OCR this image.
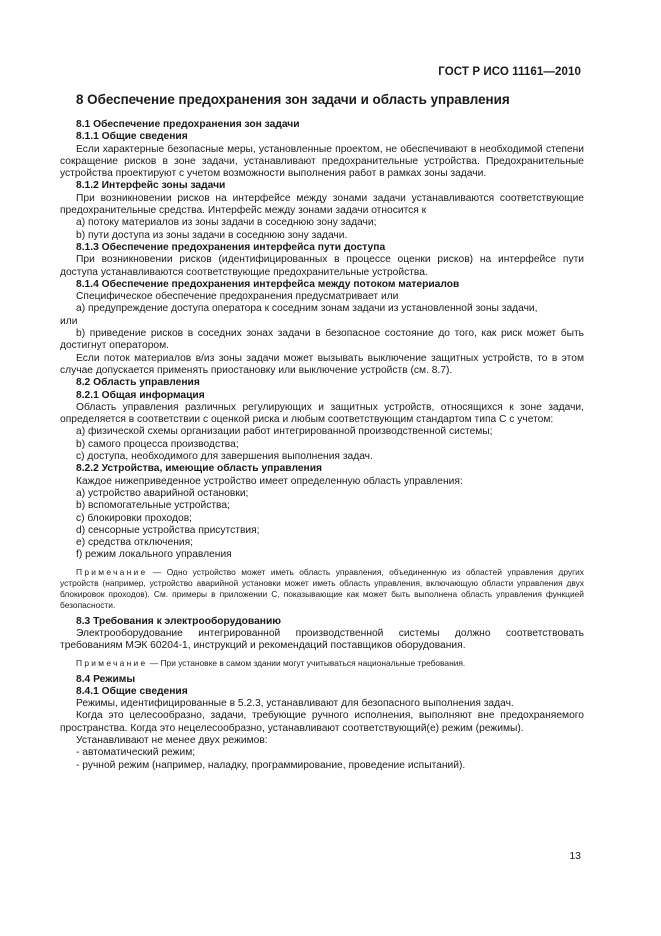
ГОСТ Р ИСО 11161—2010
8 Обеспечение предохранения зон задачи и область управления
8.1 Обеспечение предохранения зон задачи
8.1.1 Общие сведения
Если характерные безопасные меры, установленные проектом, не обеспечивают в необходимой степени сокращение рисков в зоне задачи, устанавливают предохранительные устройства. Предохранительные устройства проектируют с учетом возможности выполнения работ в рамках зоны задачи.
8.1.2 Интерфейс зоны задачи
При возникновении рисков на интерфейсе между зонами задачи устанавливаются соответствующие предохранительные средства. Интерфейс между зонами задачи относится к
а) потоку материалов из зоны задачи в соседнюю зону задачи;
b) пути доступа из зоны задачи в соседнюю зону задачи.
8.1.3 Обеспечение предохранения интерфейса пути доступа
При возникновении рисков (идентифицированных в процессе оценки рисков) на интерфейсе пути доступа устанавливаются соответствующие предохранительные устройства.
8.1.4 Обеспечение предохранения интерфейса между потоком материалов
Специфическое обеспечение предохранения предусматривает или
а) предупреждение доступа оператора к соседним зонам задачи из установленной зоны задачи,
или
b) приведение рисков в соседних зонах задачи в безопасное состояние до того, как риск может быть достигнут оператором.
Если поток материалов в/из зоны задачи может вызывать выключение защитных устройств, то в этом случае допускается применять приостановку или выключение устройств (см. 8.7).
8.2 Область управления
8.2.1 Общая информация
Область управления различных регулирующих и защитных устройств, относящихся к зоне задачи, определяется в соответствии с оценкой риска и любым соответствующим стандартом типа С с учетом:
а) физической схемы организации работ интегрированной производственной системы;
b) самого процесса производства;
с) доступа, необходимого для завершения выполнения задач.
8.2.2 Устройства, имеющие область управления
Каждое нижеприведенное устройство имеет определенную область управления:
а) устройство аварийной остановки;
b) вспомогательные устройства;
с) блокировки проходов;
d) сенсорные устройства присутствия;
е) средства отключения;
f) режим локального управления
Примечание — Одно устройство может иметь область управления, объединенную из областей управления других устройств (например, устройство аварийной установки может иметь область управления, включающую области управления двух блокировок проходов). См. примеры в приложении С, показывающие как может быть выполнена область управления функцией безопасности.
8.3 Требования к электрооборудованию
Электрооборудование интегрированной производственной системы должно соответствовать требованиям МЭК 60204-1, инструкций и рекомендаций поставщиков оборудования.
Примечание — При установке в самом здании могут учитываться национальные требования.
8.4 Режимы
8.4.1 Общие сведения
Режимы, идентифицированные в 5.2.3, устанавливают для безопасного выполнения задач.
Когда это целесообразно, задачи, требующие ручного исполнения, выполняют вне предохраняемого пространства. Когда это нецелесообразно, устанавливают соответствующий(е) режим (режимы).
Устанавливают не менее двух режимов:
- автоматический режим;
- ручной режим (например, наладку, программирование, проведение испытаний).
13
